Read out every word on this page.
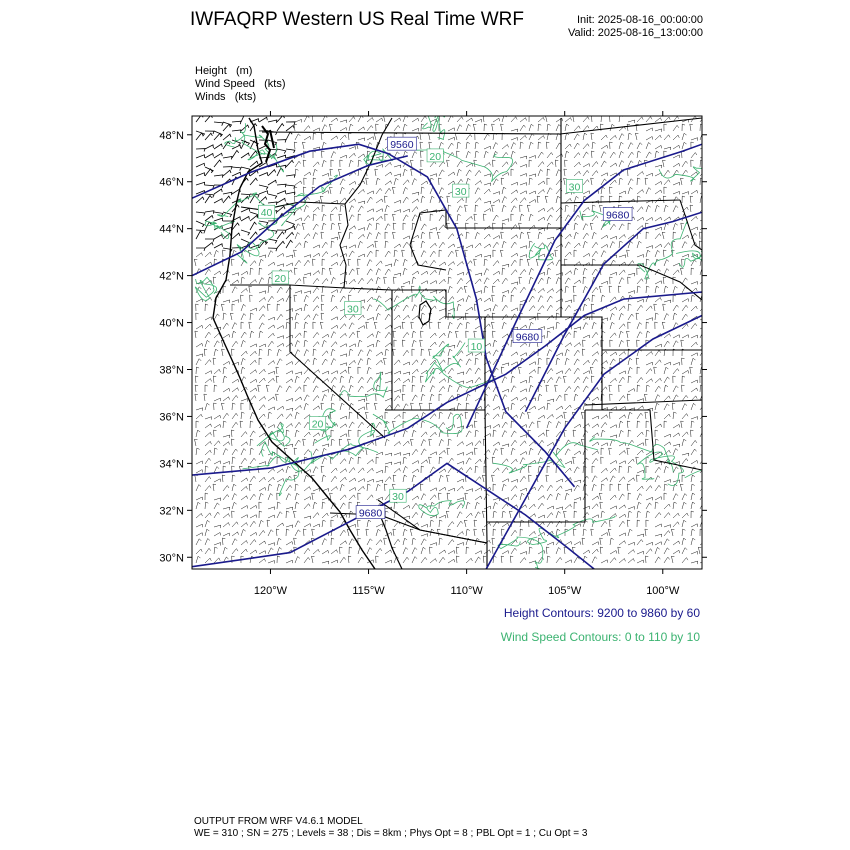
IWFAQRP Western US Real Time WRF	Init: 2025-08-16_00:00:00
Valid: 2025-08-16_13:00:00
Height (m)
Wind Speed (kts)
Winds (kts)
9560
9680
9680
9680
20
30
40
30
20
30
10
30
20
48°N
46°N
44°N
42°N
40°N
38°N
36°N
34°N
32°N
30°N
120°W	115°W	110°W	105°W	100°W
Height Contours: 9200 to 9860 by 60
Wind Speed Contours: 0 to 110 by 10
OUTPUT FROM WRF V4.6.1 MODEL
WE = 310 ; SN = 275 ; Levels = 38 ; Dis = 8km ; Phys Opt = 8 ; PBL Opt = 1 ; Cu Opt = 3
